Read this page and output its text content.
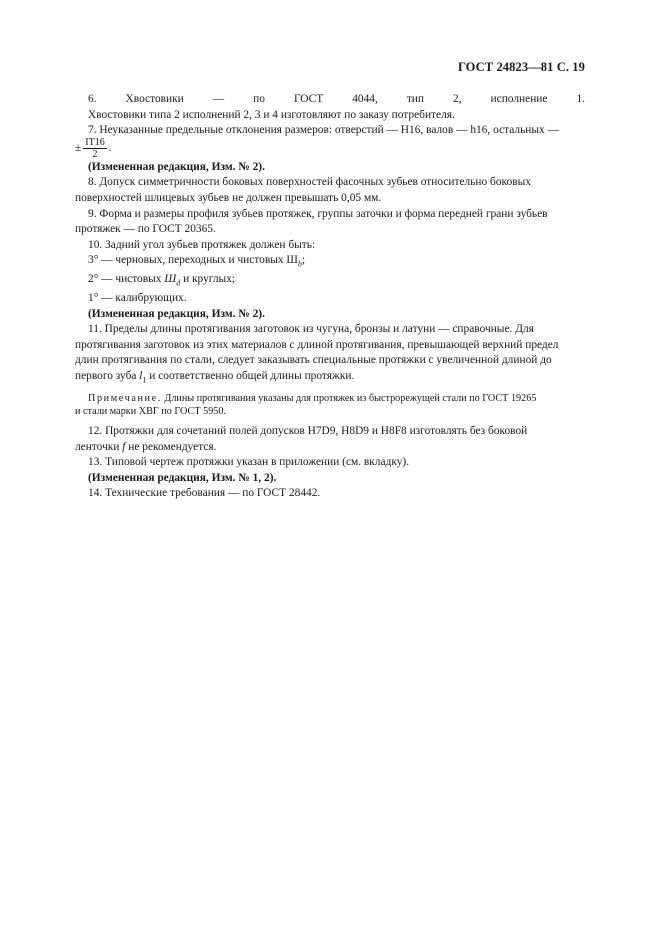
ГОСТ 24823—81 С. 19
6. Хвостовики — по ГОСТ 4044, тип 2, исполнение 1.
Хвостовики типа 2 исполнений 2, 3 и 4 изготовляют по заказу потребителя.
7. Неуказанные предельные отклонения размеров: отверстий — H16, валов — h16, остальных —
± $\frac{IT16}{2}$ .
(Измененная редакция, Изм. № 2).
8. Допуск симметричности боковых поверхностей фасочных зубьев относительно боковых
поверхностей шлицевых зубьев не должен превышать 0,05 мм.
9. Форма и размеры профиля зубьев протяжек, группы заточки и форма передней грани зубьев
протяжек — по ГОСТ 20365.
10. Задний угол зубьев протяжек должен быть:
3° — черновых, переходных и чистовых $Ш_b$;
2° — чистовых $Ш_d$ и круглых;
1° — калибрующих.
(Измененная редакция, Изм. № 2).
11. Пределы длины протягивания заготовок из чугуна, бронзы и латуни — справочные. Для
протягивания заготовок из этих материалов с длиной протягивания, превышающей верхний предел
длин протягивания по стали, следует заказывать специальные протяжки с увеличенной длиной до
первого зуба $l_1$ и соответственно общей длины протяжки.
Примечание. Длины протягивания указаны для протяжек из быстрорежущей стали по ГОСТ 19265
и стали марки ХВГ по ГОСТ 5950.
12. Протяжки для сочетаний полей допусков H7D9, H8D9 и H8F8 изготовлять без боковой
ленточки f не рекомендуется.
13. Типовой чертеж протяжки указан в приложении (см. вкладку).
(Измененная редакция, Изм. № 1, 2).
14. Технические требования — по ГОСТ 28442.
